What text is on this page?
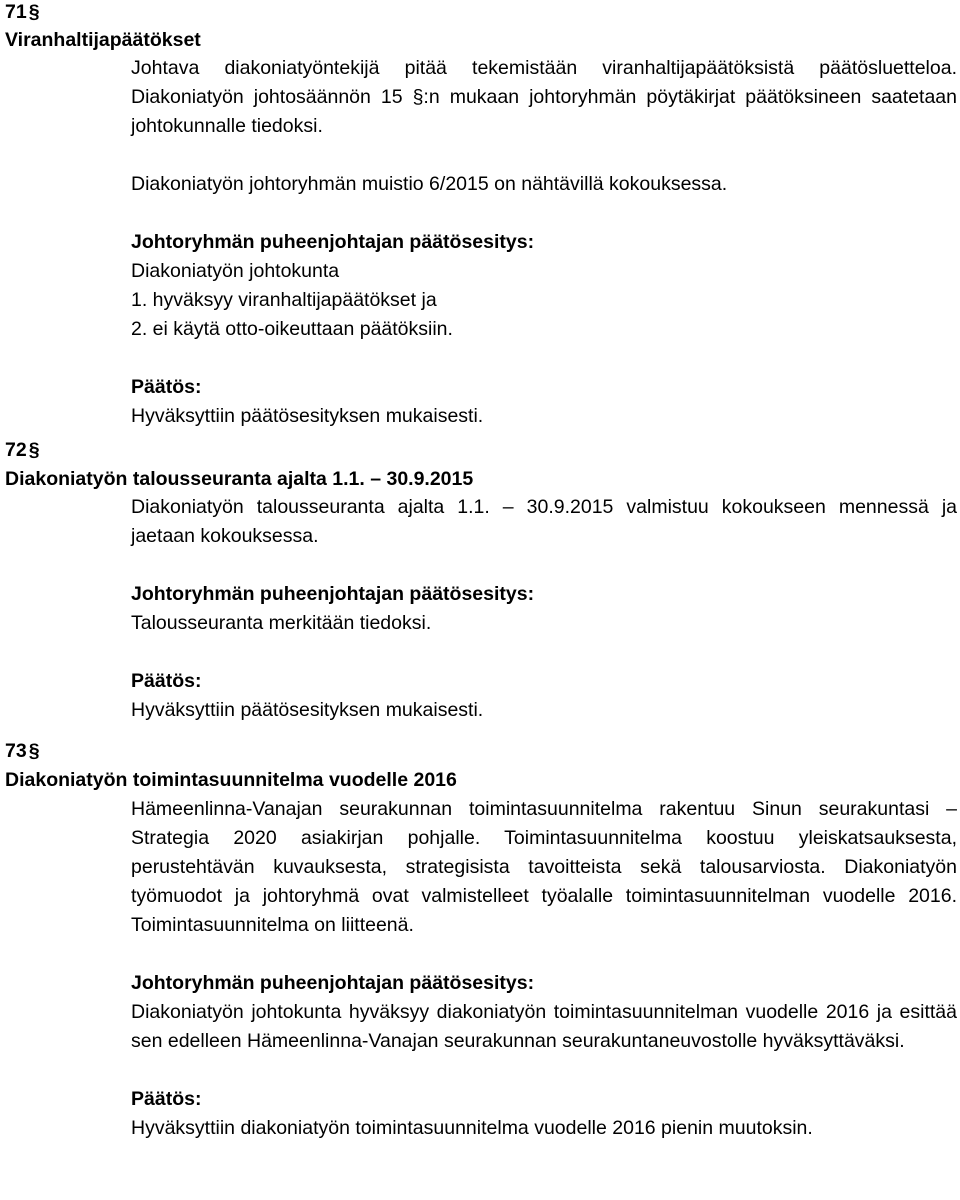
71 §
Viranhaltijapäätökset

Johtava diakoniatyöntekijä pitää tekemistään viranhaltijapäätöksistä päätösluetteloa. Diakoniatyön johtosäännön 15 §:n mukaan johtoryhmän pöytäkirjat päätöksineen saatetaan johtokunnalle tiedoksi.

Diakoniatyön johtoryhmän muistio 6/2015 on nähtävillä kokouksessa.

Johtoryhmän puheenjohtajan päätösesitys:

Diakoniatyön johtokunta

1. hyväksyy viranhaltijapäätökset ja

2. ei käytä otto-oikeuttaan päätöksiin.

Päätös:

Hyväksyttiin päätösesityksen mukaisesti.

72 §
Diakoniatyön talousseuranta ajalta 1.1. – 30.9.2015

Diakoniatyön talousseuranta ajalta 1.1. – 30.9.2015 valmistuu kokoukseen mennessä ja jaetaan kokouksessa.

Johtoryhmän puheenjohtajan päätösesitys:

Talousseuranta merkitään tiedoksi.

Päätös:

Hyväksyttiin päätösesityksen mukaisesti.

73 §
Diakoniatyön toimintasuunnitelma vuodelle 2016

Hämeenlinna-Vanajan seurakunnan toimintasuunnitelma rakentuu Sinun seurakuntasi – Strategia 2020 asiakirjan pohjalle. Toimintasuunnitelma koostuu yleiskatsauksesta, perustehtävän kuvauksesta, strategisista tavoitteista sekä talousarviosta. Diakoniatyön työmuodot ja johtoryhmä ovat valmistelleet työalalle toimintasuunnitelman vuodelle 2016. Toimintasuunnitelma on liitteenä.

Johtoryhmän puheenjohtajan päätösesitys:

Diakoniatyön johtokunta hyväksyy diakoniatyön toimintasuunnitelman vuodelle 2016 ja esittää sen edelleen Hämeenlinna-Vanajan seurakunnan seurakuntaneuvostolle hyväksyttäväksi.

Päätös:

Hyväksyttiin diakoniatyön toimintasuunnitelma vuodelle 2016 pienin muutoksin.
